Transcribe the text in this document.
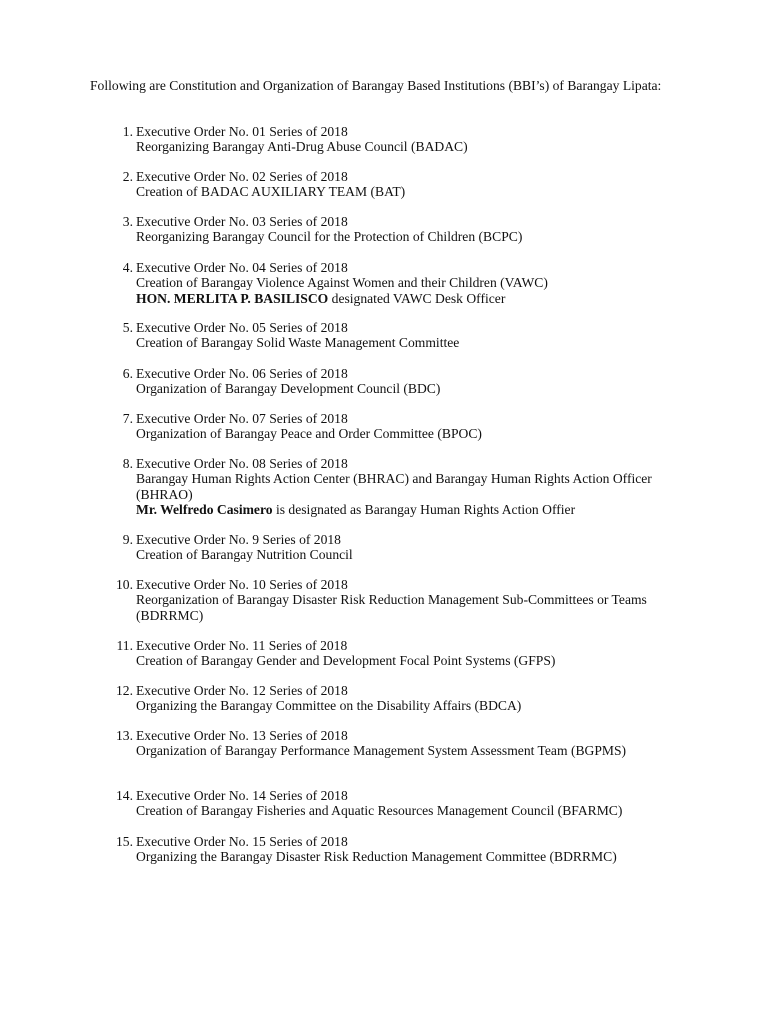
Following are Constitution and Organization of Barangay Based Institutions (BBI’s) of Barangay Lipata:

1. Executive Order No. 01 Series of 2018
Reorganizing Barangay Anti-Drug Abuse Council (BADAC)
2. Executive Order No. 02 Series of 2018
Creation of BADAC AUXILIARY TEAM (BAT)
3. Executive Order No. 03 Series of 2018
Reorganizing Barangay Council for the Protection of Children (BCPC)
4. Executive Order No. 04 Series of 2018
Creation of Barangay Violence Against Women and their Children (VAWC)
HON. MERLITA P. BASILISCO designated VAWC Desk Officer
5. Executive Order No. 05 Series of 2018
Creation of Barangay Solid Waste Management Committee
6. Executive Order No. 06 Series of 2018
Organization of Barangay Development Council (BDC)
7. Executive Order No. 07 Series of 2018
Organization of Barangay Peace and Order Committee (BPOC)
8. Executive Order No. 08 Series of 2018
Barangay Human Rights Action Center (BHRAC) and Barangay Human Rights Action Officer (BHRAO)
Mr. Welfredo Casimero is designated as Barangay Human Rights Action Offier
9. Executive Order No. 9 Series of 2018
Creation of Barangay Nutrition Council
10. Executive Order No. 10 Series of 2018
Reorganization of Barangay Disaster Risk Reduction Management Sub-Committees or Teams (BDRRMC)
11. Executive Order No. 11 Series of 2018
Creation of Barangay Gender and Development Focal Point Systems (GFPS)
12. Executive Order No. 12 Series of 2018
Organizing the Barangay Committee on the Disability Affairs (BDCA)
13. Executive Order No. 13 Series of 2018
Organization of Barangay Performance Management System Assessment Team (BGPMS)
14. Executive Order No. 14 Series of 2018
Creation of Barangay Fisheries and Aquatic Resources Management Council (BFARMC)
15. Executive Order No. 15 Series of 2018
Organizing the Barangay Disaster Risk Reduction Management Committee (BDRRMC)
